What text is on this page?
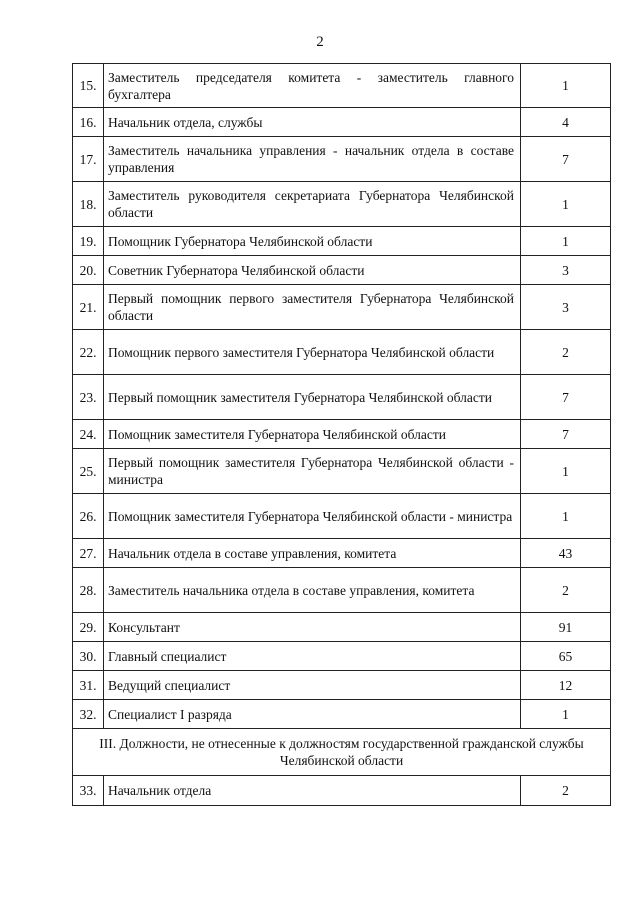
2
15.	Заместитель председателя комитета - заместитель главного бухгалтера	1
16.	Начальник отдела, службы	4
17.	Заместитель начальника управления - начальник отдела в составе управления	7
18.	Заместитель руководителя секретариата Губернатора Челябинской области	1
19.	Помощник Губернатора Челябинской области	1
20.	Советник Губернатора Челябинской области	3
21.	Первый помощник первого заместителя Губернатора Челябинской области	3
22.	Помощник первого заместителя Губернатора Челябинской области	2
23.	Первый помощник заместителя Губернатора Челябинской области	7
24.	Помощник заместителя Губернатора Челябинской области	7
25.	Первый помощник заместителя Губернатора Челябинской области - министра	1
26.	Помощник заместителя Губернатора Челябинской области - министра	1
27.	Начальник отдела в составе управления, комитета	43
28.	Заместитель начальника отдела в составе управления, комитета	2
29.	Консультант	91
30.	Главный специалист	65
31.	Ведущий специалист	12
32.	Специалист I разряда	1
III. Должности, не отнесенные к должностям государственной гражданской службы Челябинской области		
33.	Начальник отдела	2
